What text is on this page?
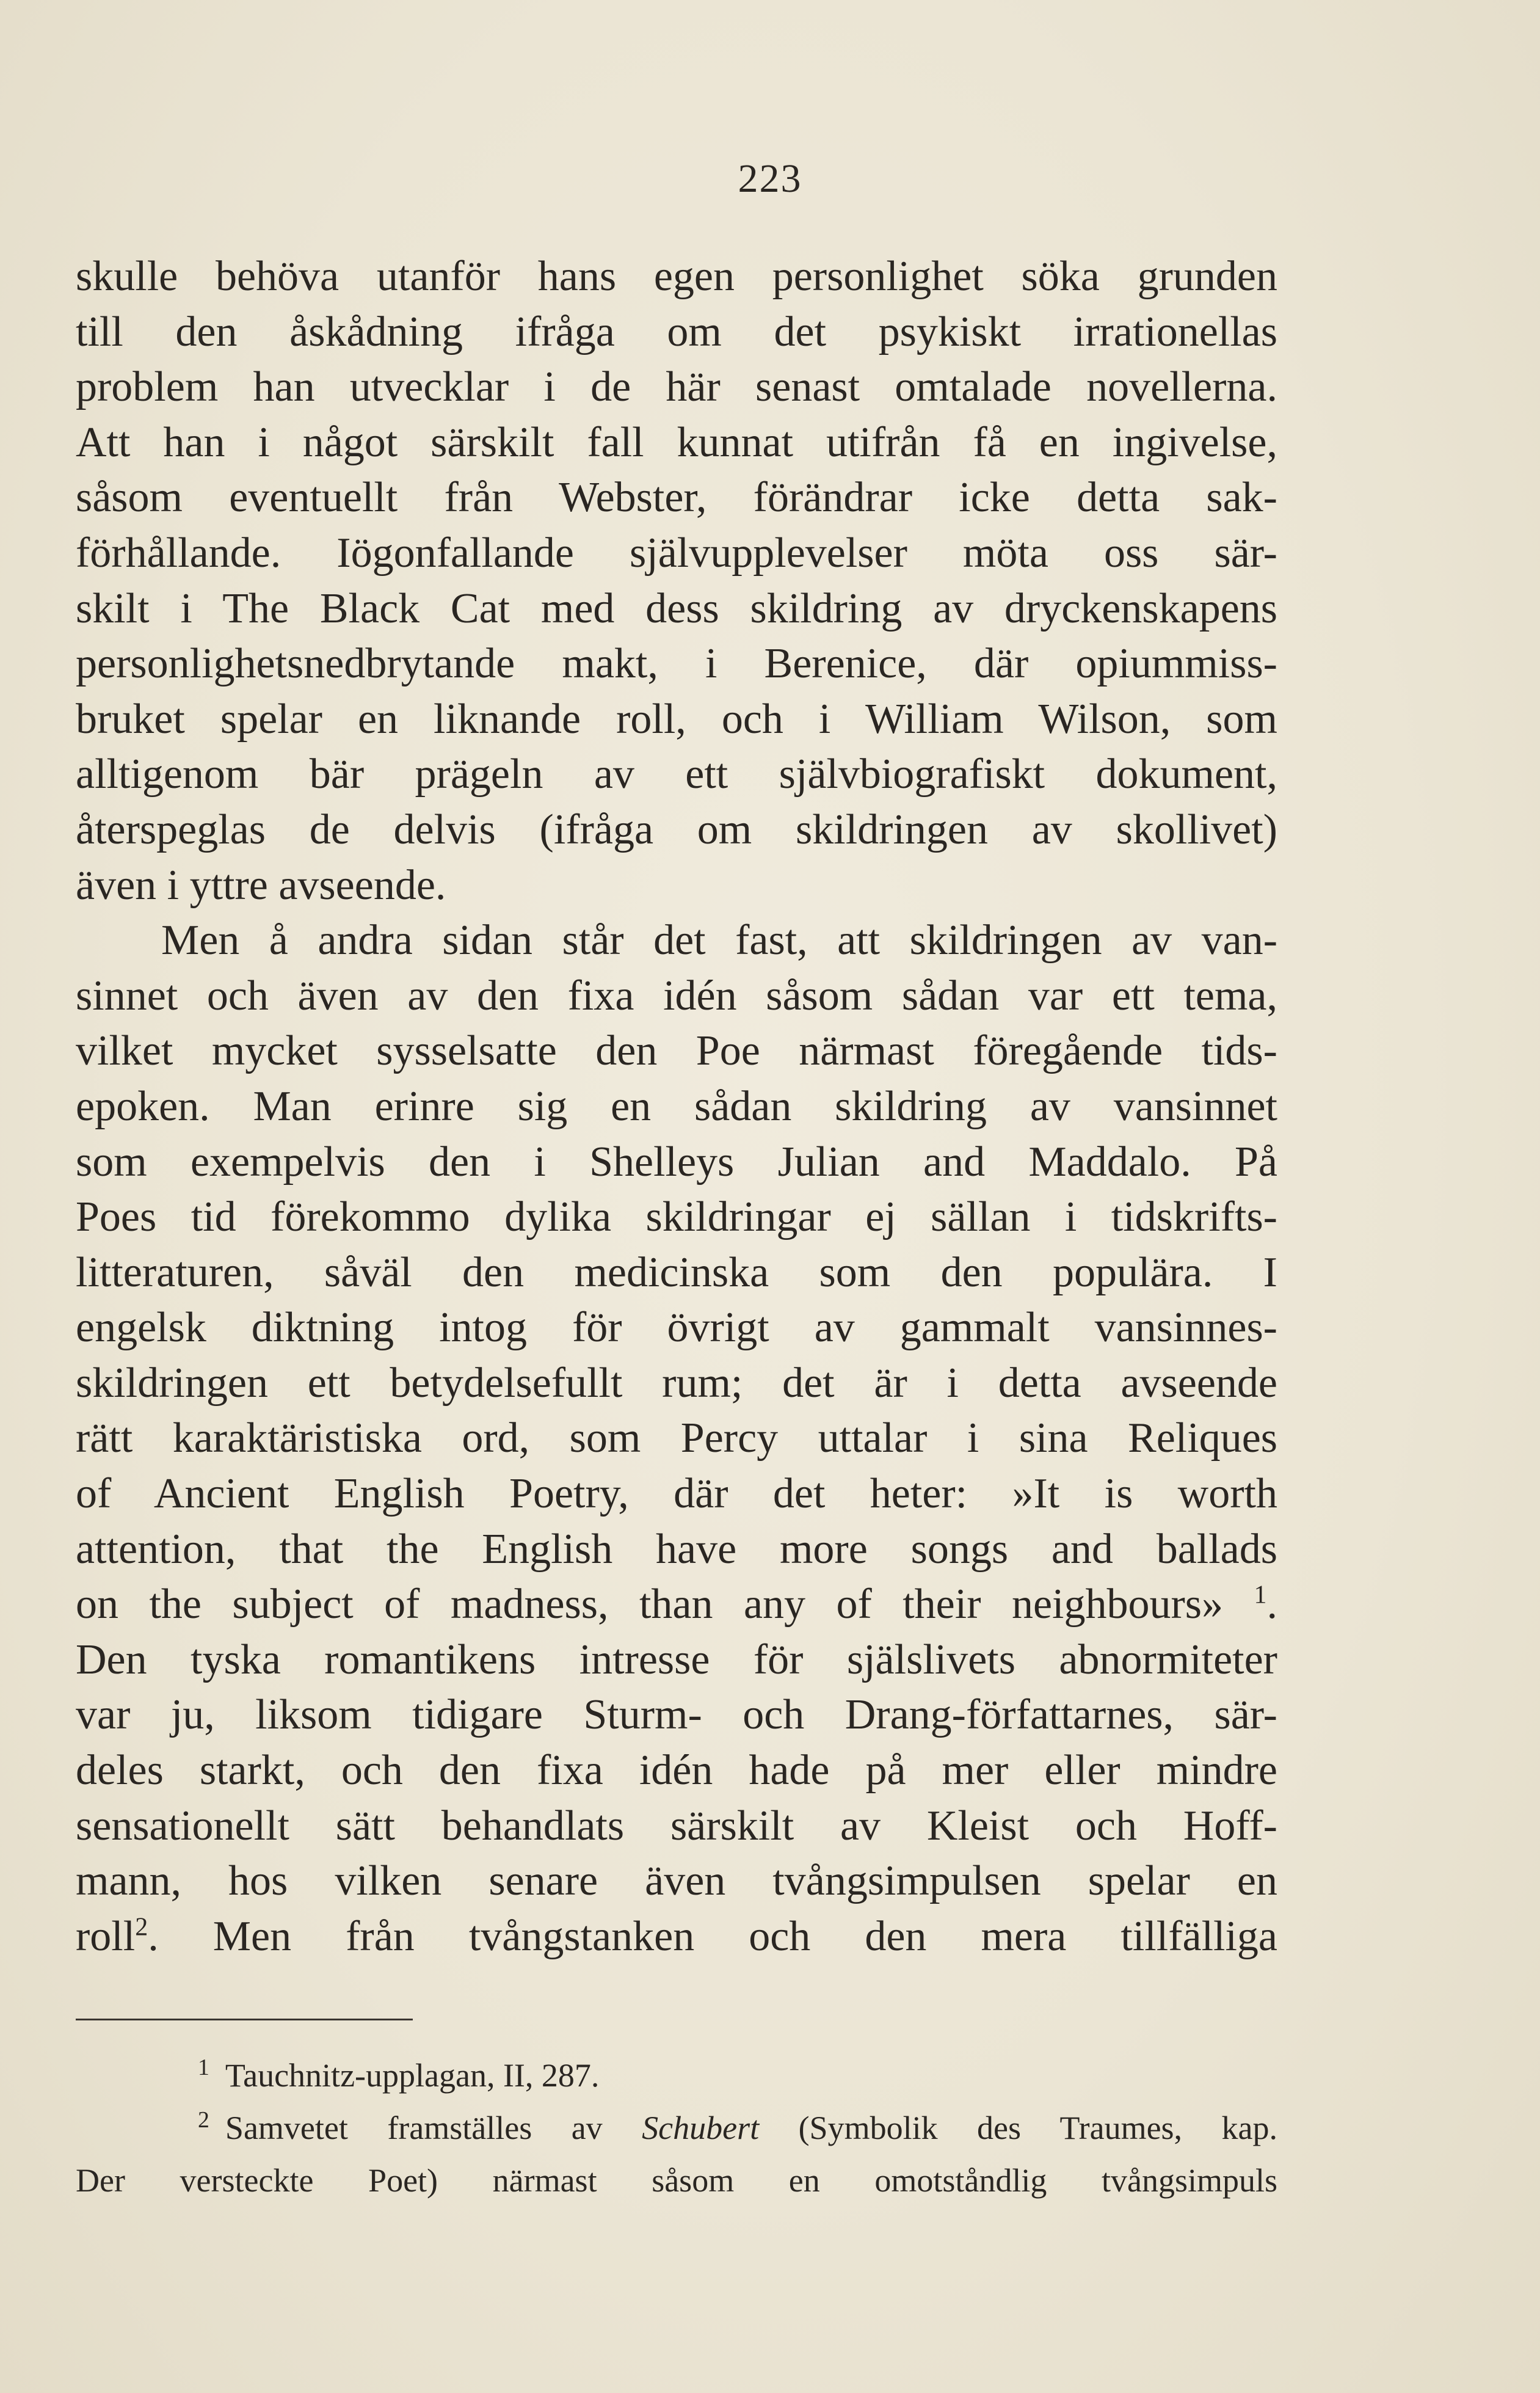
223
skulle behöva utanför hans egen personlighet söka grunden
till den åskådning ifråga om det psykiskt irrationellas
problem han utvecklar i de här senast omtalade novellerna.
Att han i något särskilt fall kunnat utifrån få en ingivelse,
såsom eventuellt från Webster, förändrar icke detta sak-
förhållande. Iögonfallande självupplevelser möta oss sär-
skilt i The Black Cat med dess skildring av dryckenskapens
personlighetsnedbrytande makt, i Berenice, där opiummiss-
bruket spelar en liknande roll, och i William Wilson, som
alltigenom bär prägeln av ett självbiografiskt dokument,
återspeglas de delvis (ifråga om skildringen av skollivet)
även i yttre avseende.
Men å andra sidan står det fast, att skildringen av van-
sinnet och även av den fixa idén såsom sådan var ett tema,
vilket mycket sysselsatte den Poe närmast föregående tids-
epoken. Man erinre sig en sådan skildring av vansinnet
som exempelvis den i Shelleys Julian and Maddalo. På
Poes tid förekommo dylika skildringar ej sällan i tidskrifts-
litteraturen, såväl den medicinska som den populära. I
engelsk diktning intog för övrigt av gammalt vansinnes-
skildringen ett betydelsefullt rum; det är i detta avseende
rätt karaktäristiska ord, som Percy uttalar i sina Reliques
of Ancient English Poetry, där det heter: »It is worth
attention, that the English have more songs and ballads
on the subject of madness, than any of their neighbours» $^1$.
Den tyska romantikens intresse för själslivets abnormiteter
var ju, liksom tidigare Sturm- och Drang-författarnes, sär-
deles starkt, och den fixa idén hade på mer eller mindre
sensationellt sätt behandlats särskilt av Kleist och Hoff-
mann, hos vilken senare även tvångsimpulsen spelar en
roll$^2$. Men från tvångstanken och den mera tillfälliga
$^1$ Tauchnitz-upplagan, II, 287.
$^2$ Samvetet framställes av Schubert (Symbolik des Traumes, kap.
Der versteckte Poet) närmast såsom en omotståndlig tvångsimpuls
